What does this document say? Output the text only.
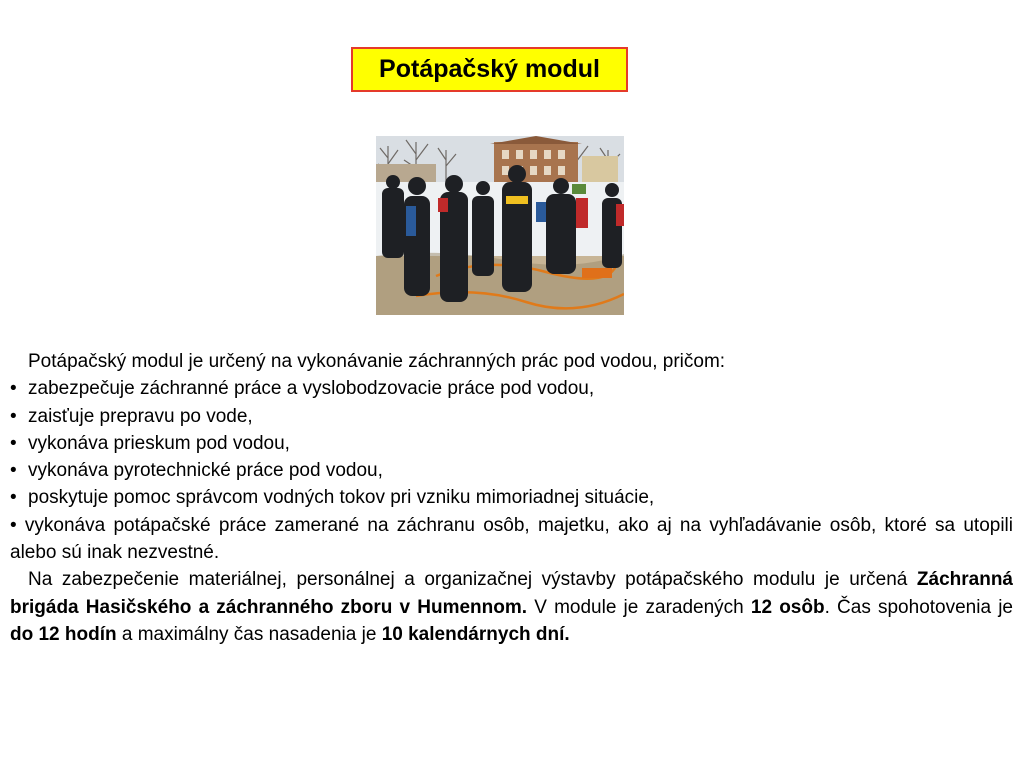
Potápačský modul

Potápačský modul je určený na vykonávanie záchranných prác pod vodou, pričom:

• zabezpečuje záchranné práce a vyslobodzovacie práce pod vodou,
• zaisťuje prepravu po vode,
• vykonáva prieskum pod vodou,
• vykonáva pyrotechnické práce pod vodou,
• poskytuje pomoc správcom vodných tokov pri vzniku mimoriadnej situácie,

• vykonáva potápačské práce zamerané na záchranu osôb, majetku, ako aj na vyhľadávanie osôb, ktoré sa utopili alebo sú inak nezvestné.

Na zabezpečenie materiálnej, personálnej a organizačnej výstavby potápačského modulu je určená Záchranná brigáda Hasičského a záchranného zboru v Humennom. V module je zaradených 12 osôb. Čas spohotovenia je do 12 hodín a maximálny čas nasadenia je 10 kalendárnych dní.
